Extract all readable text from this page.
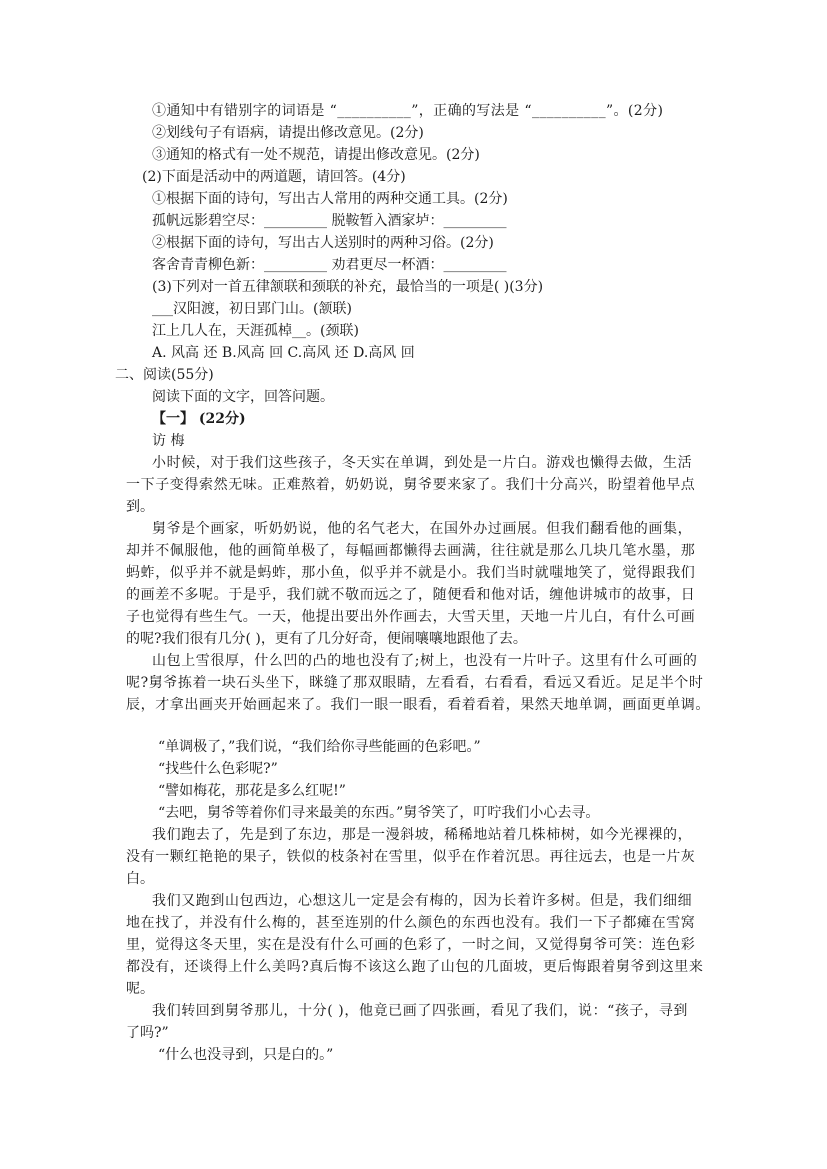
①通知中有错别字的词语是 “__________”，正确的写法是 “__________”。(2分)
②划线句子有语病，请提出修改意见。(2分)
③通知的格式有一处不规范，请提出修改意见。(2分)
(2)下面是活动中的两道题，请回答。(4分)
①根据下面的诗句，写出古人常用的两种交通工具。(2分)
孤帆远影碧空尽：_________ 脱鞍暂入酒家垆：_________
②根据下面的诗句，写出古人送别时的两种习俗。(2分)
客舍青青柳色新：_________ 劝君更尽一杯酒：_________
(3)下列对一首五律颔联和颈联的补充，最恰当的一项是( )(3分)
___汉阳渡，初日郢门山。(颔联)
江上几人在，天涯孤棹__。(颈联)
A. 风高 还 B.风高 回 C.高风 还 D.高风 回
二、阅读(55分)
阅读下面的文字，回答问题。
【一】 (22分)
访 梅
小时候，对于我们这些孩子，冬天实在单调，到处是一片白。游戏也懒得去做，生活
一下子变得索然无味。正难熬着，奶奶说，舅爷要来家了。我们十分高兴，盼望着他早点
到。
舅爷是个画家，听奶奶说，他的名气老大，在国外办过画展。但我们翻看他的画集，
却并不佩服他，他的画简单极了，每幅画都懒得去画满，往往就是那么几块几笔水墨，那
蚂蚱，似乎并不就是蚂蚱，那小鱼，似乎并不就是小。我们当时就嗤地笑了，觉得跟我们
的画差不多呢。于是乎，我们就不敬而远之了，随便看和他对话，缠他讲城市的故事，日
子也觉得有些生气。一天，他提出要出外作画去，大雪天里，天地一片儿白，有什么可画
的呢?我们很有几分( )，更有了几分好奇，便闹嚷嚷地跟他了去。
山包上雪很厚，什么凹的凸的地也没有了;树上，也没有一片叶子。这里有什么可画的
呢?舅爷拣着一块石头坐下，眯缝了那双眼睛，左看看，右看看，看远又看近。足足半个时
辰，才拿出画夹开始画起来了。我们一眼一眼看，看着看着，果然天地单调，画面更单调。
“单调极了，”我们说，“我们给你寻些能画的色彩吧。”
“找些什么色彩呢?”
“譬如梅花，那花是多么红呢!”
“去吧，舅爷等着你们寻来最美的东西。”舅爷笑了，叮咛我们小心去寻。
我们跑去了，先是到了东边，那是一漫斜坡，稀稀地站着几株柿树，如今光裸裸的，
没有一颗红艳艳的果子，铁似的枝条衬在雪里，似乎在作着沉思。再往远去，也是一片灰
白。
我们又跑到山包西边，心想这儿一定是会有梅的，因为长着许多树。但是，我们细细
地在找了，并没有什么梅的，甚至连别的什么颜色的东西也没有。我们一下子都瘫在雪窝
里，觉得这冬天里，实在是没有什么可画的色彩了，一时之间，又觉得舅爷可笑：连色彩
都没有，还谈得上什么美吗?真后悔不该这么跑了山包的几面坡，更后悔跟着舅爷到这里来
呢。
我们转回到舅爷那儿，十分( )，他竟已画了四张画，看见了我们，说：“孩子，寻到
了吗?”
“什么也没寻到，只是白的。”
